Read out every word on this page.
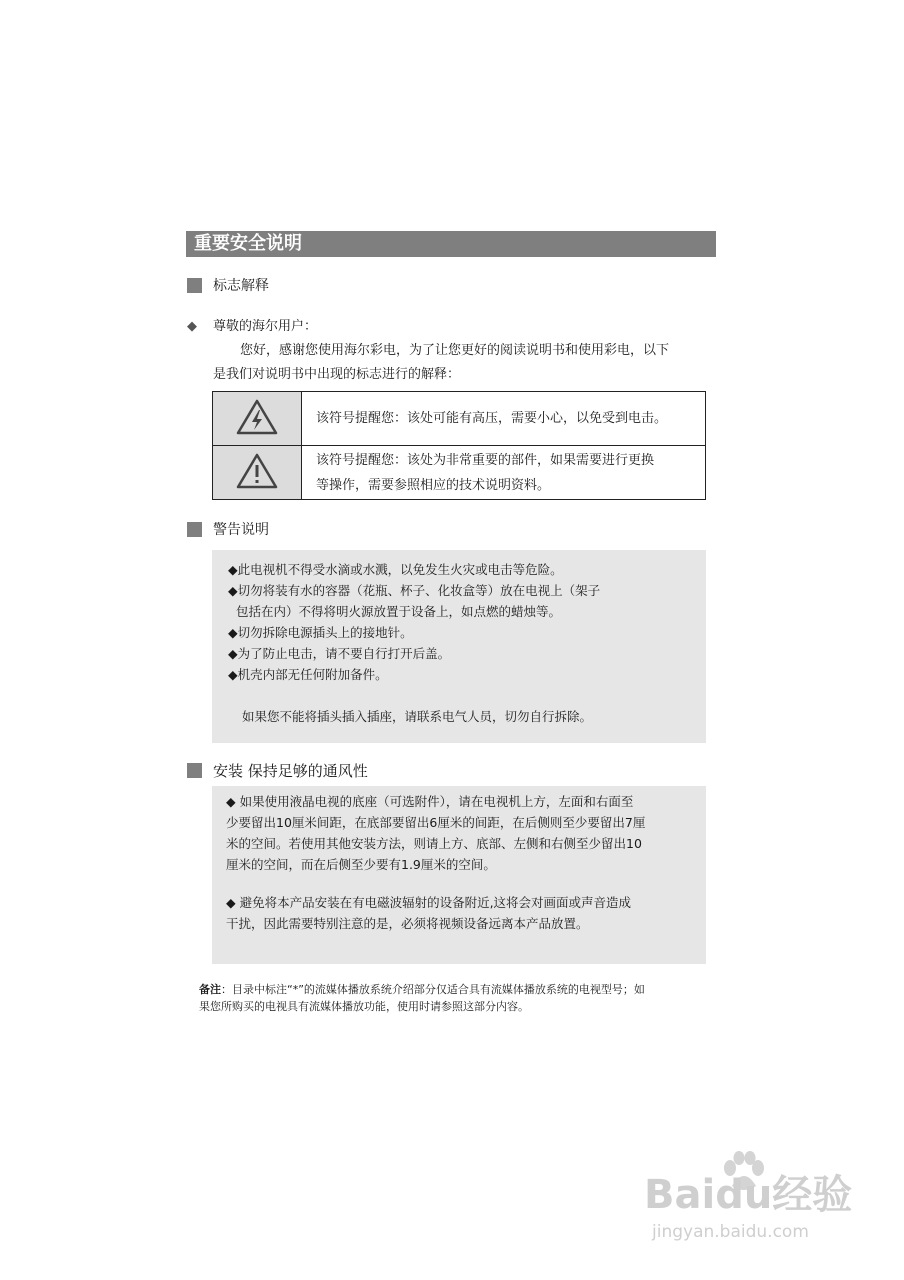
重要安全说明
标志解释
◆ 尊敬的海尔用户：
您好，感谢您使用海尔彩电，为了让您更好的阅读说明书和使用彩电，以下
是我们对说明书中出现的标志进行的解释：

该符号提醒您：该处可能有高压，需要小心，以免受到电击。

该符号提醒您：该处为非常重要的部件，如果需要进行更换
等操作，需要参照相应的技术说明资料。
警告说明
◆此电视机不得受水滴或水溅，以免发生火灾或电击等危险。
◆切勿将装有水的容器（花瓶、杯子、化妆盒等）放在电视上（架子
包括在内）不得将明火源放置于设备上，如点燃的蜡烛等。
◆切勿拆除电源插头上的接地针。
◆为了防止电击，请不要自行打开后盖。
◆机壳内部无任何附加备件。
如果您不能将插头插入插座，请联系电气人员，切勿自行拆除。
安装 保持足够的通风性
◆ 如果使用液晶电视的底座（可选附件），请在电视机上方，左面和右面至
少要留出10厘米间距，在底部要留出6厘米的间距，在后侧则至少要留出7厘
米的空间。若使用其他安装方法，则请上方、底部、左侧和右侧至少留出10
厘米的空间，而在后侧至少要有1.9厘米的空间。
◆ 避免将本产品安装在有电磁波辐射的设备附近,这将会对画面或声音造成
干扰，因此需要特别注意的是，必须将视频设备远离本产品放置。
备注：目录中标注“*”的流媒体播放系统介绍部分仅适合具有流媒体播放系统的电视型号；如
果您所购买的电视具有流媒体播放功能，使用时请参照这部分内容。
Baidu经验
jingyan.baidu.com
